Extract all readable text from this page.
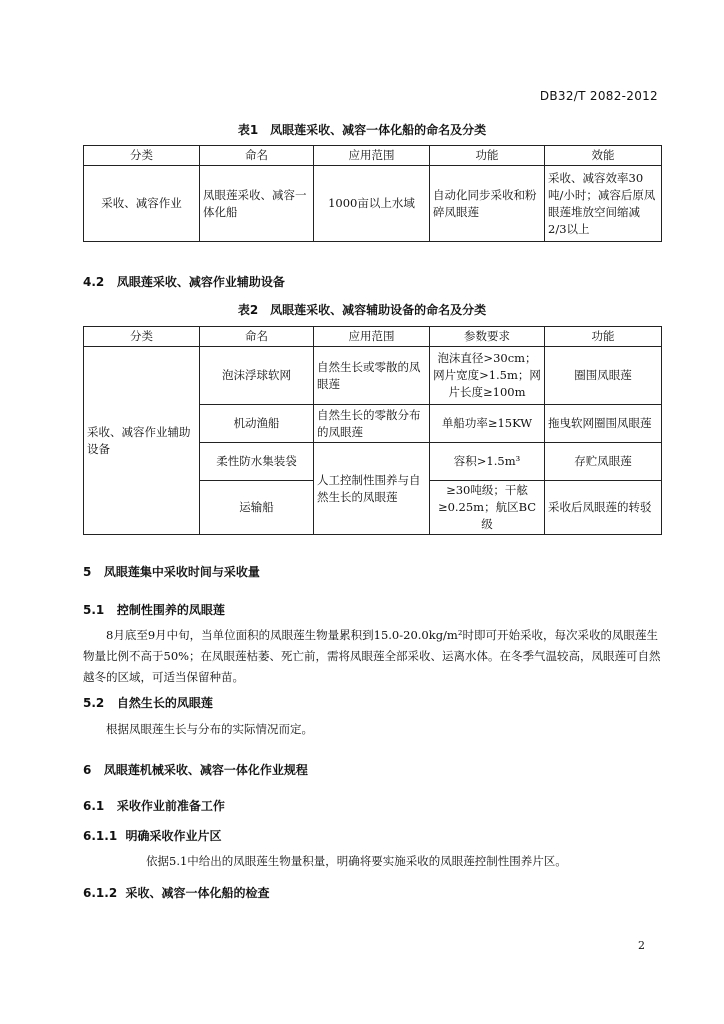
DB32/T 2082-2012
表1　凤眼莲采收、减容一体化船的命名及分类
分类	命名	应用范围	功能	效能
采收、减容作业	凤眼莲采收、减容一体化船	1000亩以上水域	自动化同步采收和粉碎凤眼莲	采收、减容效率30吨/小时；减容后原凤眼莲堆放空间缩减2/3以上
4.2 凤眼莲采收、减容作业辅助设备
表2　凤眼莲采收、减容辅助设备的命名及分类
分类	命名	应用范围	参数要求	功能
采收、减容作业辅助设备	泡沫浮球软网	自然生长或零散的凤眼莲	泡沫直径>30cm；网片宽度>1.5m；网片长度≥100m	圈围凤眼莲
	机动渔船	自然生长的零散分布的凤眼莲	单船功率≥15KW	拖曳软网圈围凤眼莲
	柔性防水集装袋	人工控制性围养与自然生长的凤眼莲	容积>1.5m³	存贮凤眼莲
	运输船		≥30吨级；干舷≥0.25m；航区BC级	采收后凤眼莲的转驳
5 凤眼莲集中采收时间与采收量
5.1 控制性围养的凤眼莲
8月底至9月中旬，当单位面积的凤眼莲生物量累积到15.0-20.0kg/m²时即可开始采收，每次采收的凤眼莲生物量比例不高于50%；在凤眼莲枯萎、死亡前，需将凤眼莲全部采收、运离水体。在冬季气温较高，凤眼莲可自然越冬的区域，可适当保留种苗。
5.2 自然生长的凤眼莲
根据凤眼莲生长与分布的实际情况而定。
6 凤眼莲机械采收、减容一体化作业规程
6.1 采收作业前准备工作
6.1.1 明确采收作业片区
依据5.1中给出的凤眼莲生物量积量，明确将要实施采收的凤眼莲控制性围养片区。
6.1.2 采收、减容一体化船的检查
2
